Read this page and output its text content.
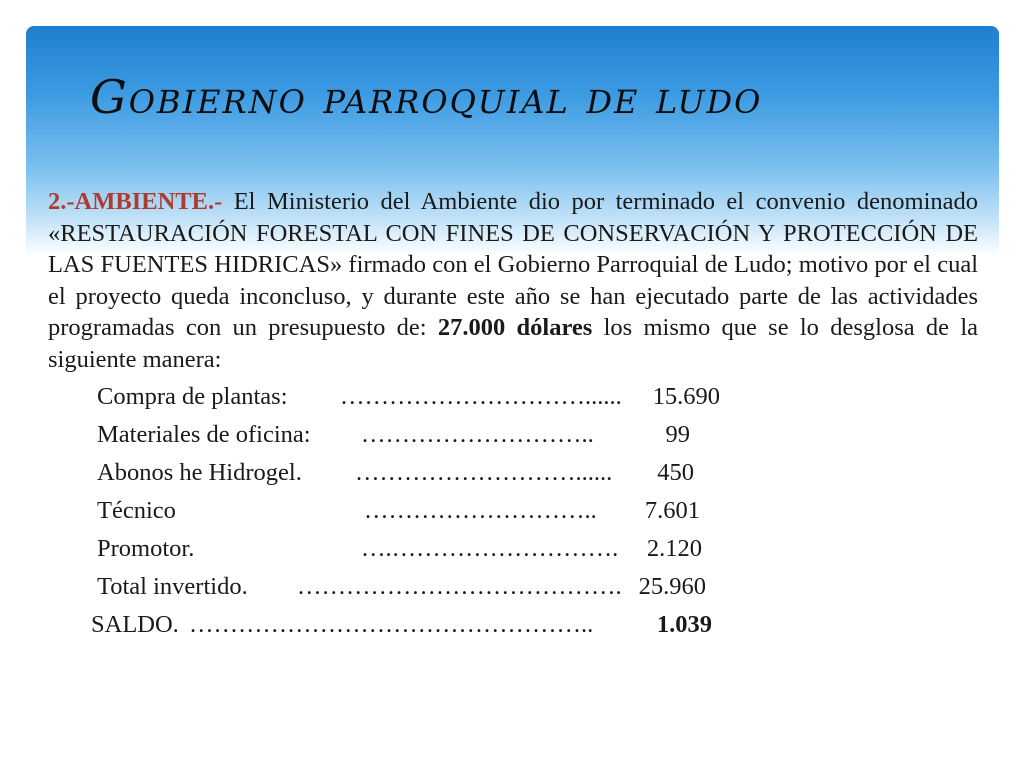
Gobierno parroquial de ludo

2.-AMBIENTE.- El Ministerio del Ambiente dio por terminado el convenio denominado «RESTAURACIÓN FORESTAL CON FINES DE CONSERVACIÓN Y PROTECCIÓN DE LAS FUENTES HIDRICAS» firmado con el Gobierno Parroquial de Ludo; motivo por el cual el proyecto queda inconcluso, y durante este año se han ejecutado parte de las actividades programadas con un presupuesto de: 27.000 dólares los mismo que se lo desglosa de la siguiente manera:

Compra de plantas: …………………………......	15.690
Materiales de oficina: ………………………..	99
Abonos he Hidrogel. ………………………......	450
Técnico	………………………..	7.601
Promotor.	….……………………….	2.120
Total invertido. …………………………………. 25.960
SALDO. …………………………………………..	1.039
